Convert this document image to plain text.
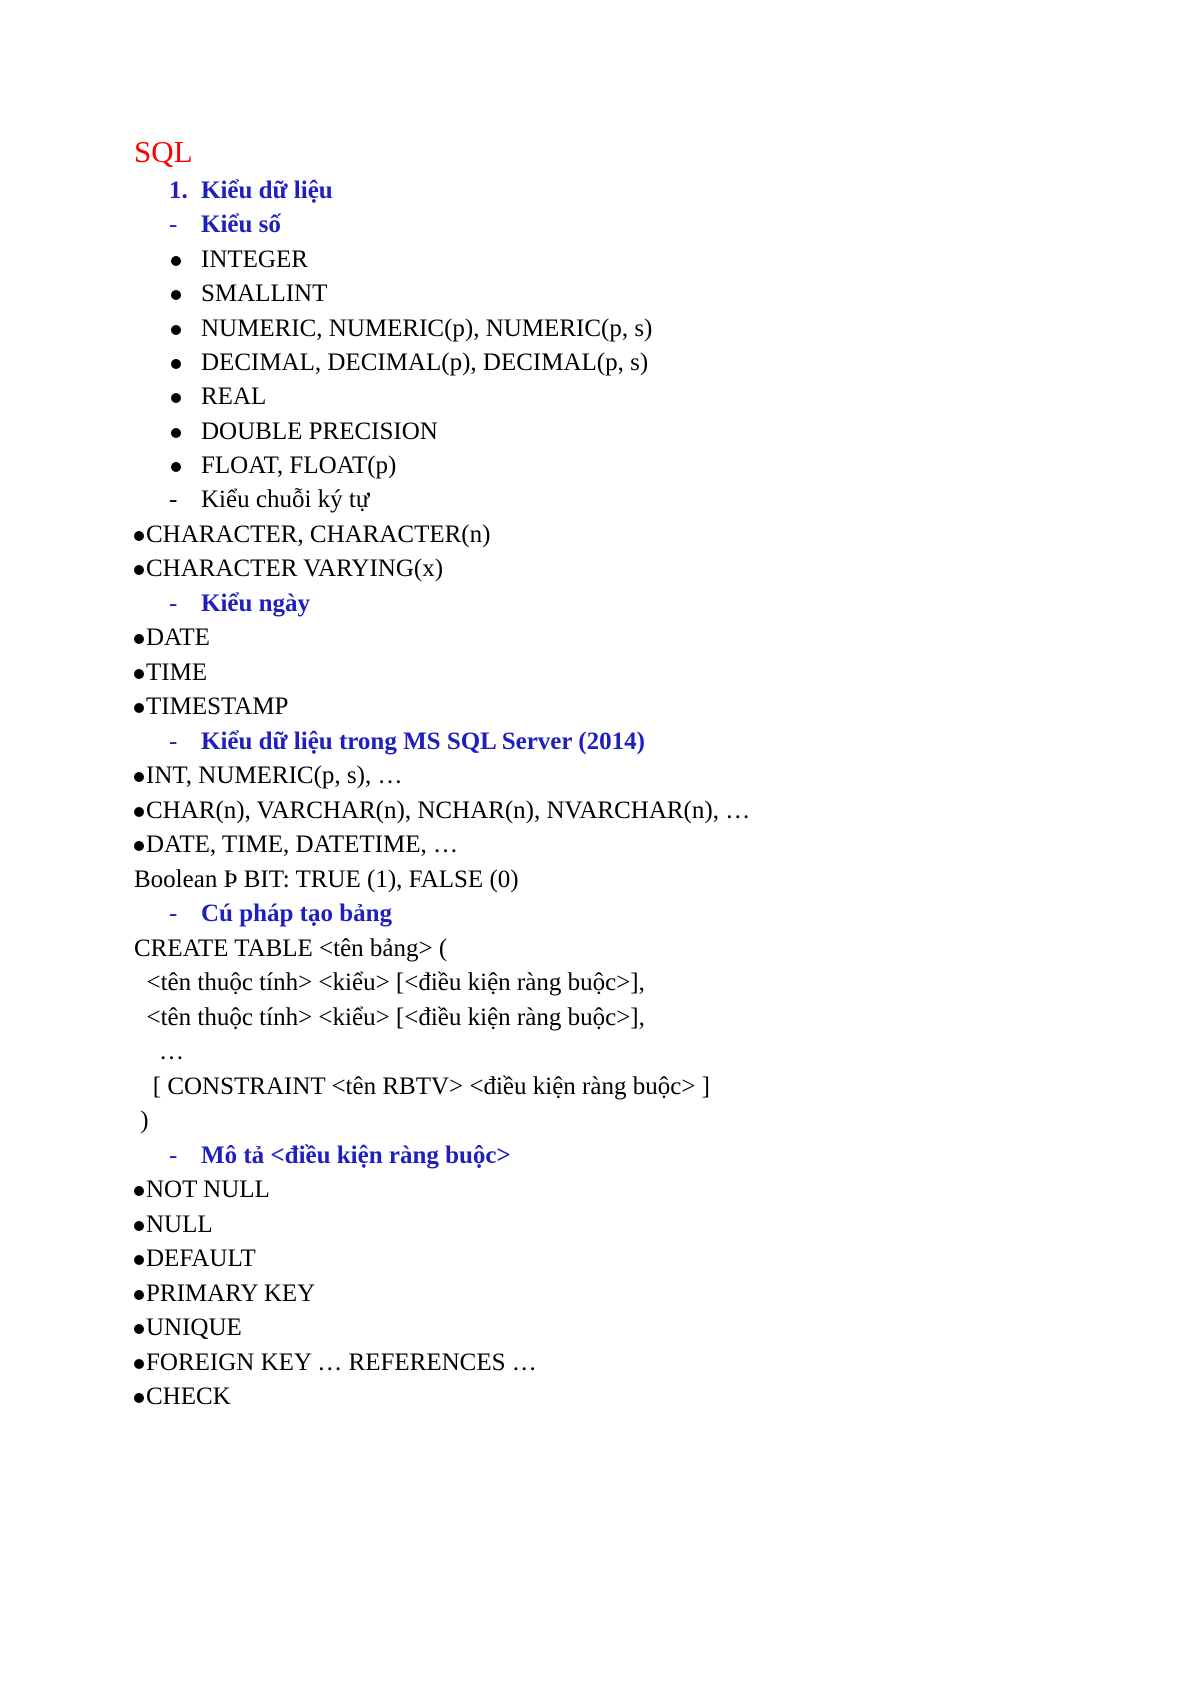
SQL

1.

Kiểu dữ liệu

-

Kiểu số

INTEGER
SMALLINT
NUMERIC, NUMERIC(p), NUMERIC(p, s)
DECIMAL, DECIMAL(p), DECIMAL(p, s)
REAL
DOUBLE PRECISION
FLOAT, FLOAT(p)

-

Kiểu chuỗi ký tự

CHARACTER, CHARACTER(n)
CHARACTER VARYING(x)

-

Kiểu ngày

DATE
TIME
TIMESTAMP

-

Kiểu dữ liệu trong MS SQL Server (2014)

INT, NUMERIC(p, s), …
CHAR(n), VARCHAR(n), NCHAR(n), NVARCHAR(n), …
DATE, TIME, DATETIME, …
Boolean Þ BIT: TRUE (1), FALSE (0)

-

Cú pháp tạo bảng

CREATE TABLE <tên bảng> (
<tên thuộc tính> <kiểu> [<điều kiện ràng buộc>],
<tên thuộc tính> <kiểu> [<điều kiện ràng buộc>],
…
[ CONSTRAINT <tên RBTV> <điều kiện ràng buộc> ]
)

-

Mô tả <điều kiện ràng buộc>

NOT NULL
NULL
DEFAULT
PRIMARY KEY
UNIQUE
FOREIGN KEY … REFERENCES …
CHECK
